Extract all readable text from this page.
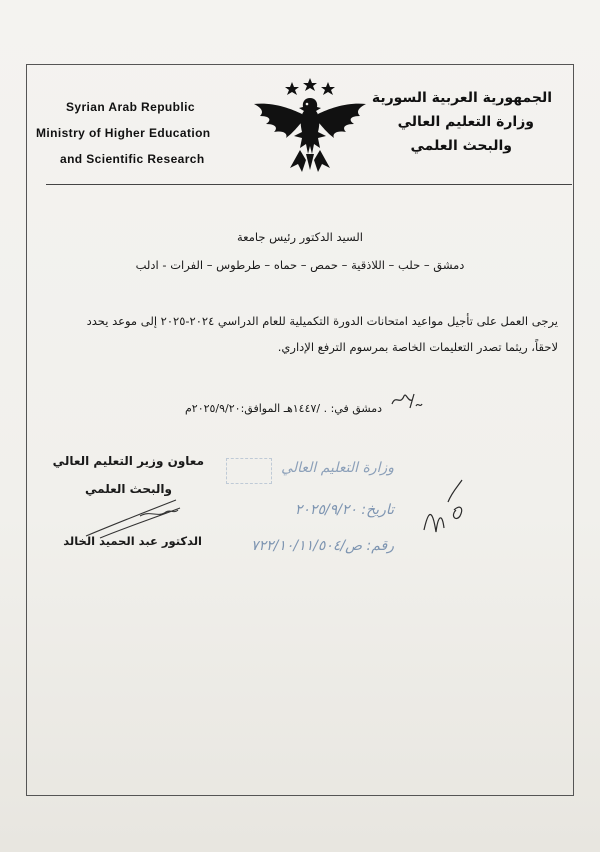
Syrian Arab Republic
Ministry of Higher Education
and Scientific Research
الجمهورية العربية السورية
وزارة التعليم العالي
والبحث العلمي
السيد الدكتور رئيس جامعة
دمشق – حلب – اللاذقية – حمص – حماه – طرطوس – الفرات - ادلب
يرجى العمل على تأجيل مواعيد امتحانات الدورة التكميلية للعام الدراسي ٢٠٢٤-٢٠٢٥ إلى موعد يحدد
لاحقاً، ريثما تصدر التعليمات الخاصة بمرسوم الترفع الإداري.
دمشق في: . /١٤٤٧هـ الموافق:٢٠٢٥/٩/٢٠م
معاون وزير التعليم العالي
والبحث العلمي
الدكتور عبد الحميد الخالد
وزارة التعليم العالي
تاريخ: ٢٠٢٥/٩/٢٠
رقم: ص/٧٢٢/١٠/١١/٥٠٤
